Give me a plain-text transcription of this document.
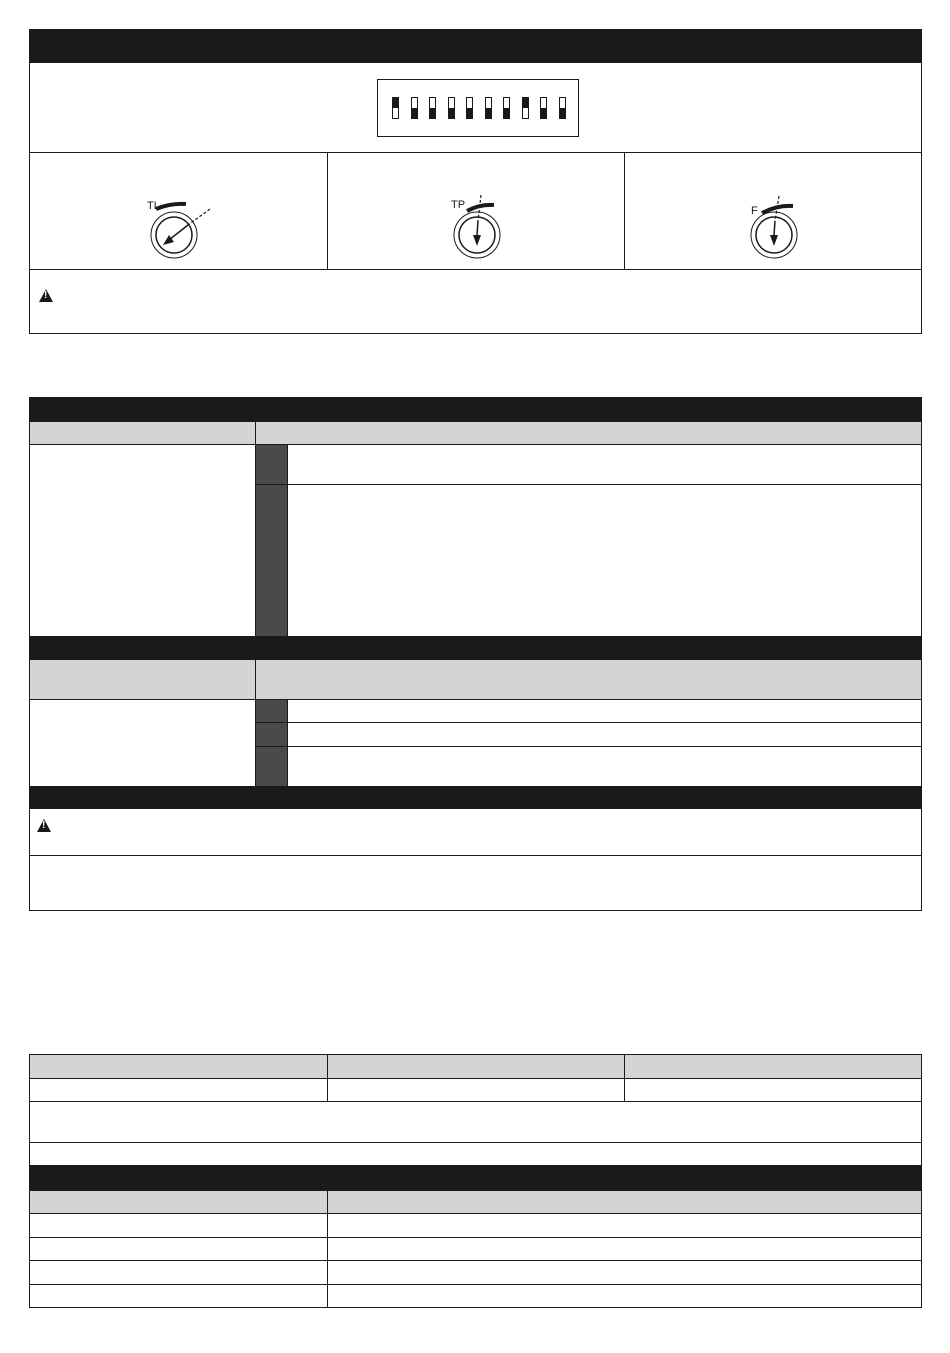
TL	TP	F
!
!
